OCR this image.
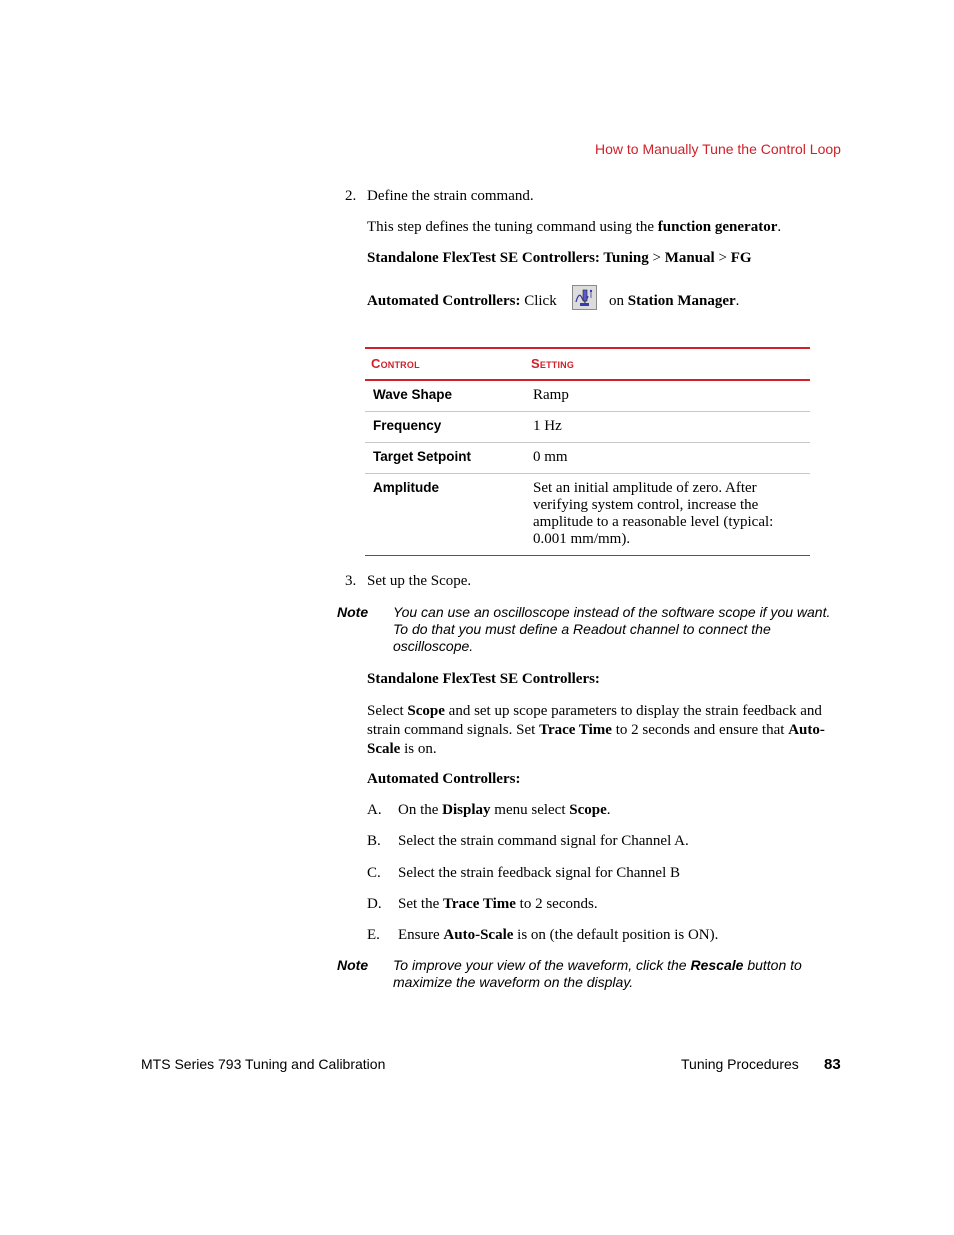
How to Manually Tune the Control Loop
2. Define the strain command.
This step defines the tuning command using the function generator.
Standalone FlexTest SE Controllers: Tuning > Manual > FG
Automated Controllers: Click	on Station Manager.
Control	Setting
Wave Shape	Ramp
Frequency	1 Hz
Target Setpoint	0 mm
Amplitude	Set an initial amplitude of zero. After verifying system control, increase the amplitude to a reasonable level (typical: 0.001 mm/mm).
3. Set up the Scope.
Note You can use an oscilloscope instead of the software scope if you want. To do that you must define a Readout channel to connect the oscilloscope.
Standalone FlexTest SE Controllers:
Select Scope and set up scope parameters to display the strain feedback and strain command signals. Set Trace Time to 2 seconds and ensure that Auto-Scale is on.
Automated Controllers:
A. On the Display menu select Scope.
B. Select the strain command signal for Channel A.
C. Select the strain feedback signal for Channel B
D. Set the Trace Time to 2 seconds.
E. Ensure Auto-Scale is on (the default position is ON).
Note To improve your view of the waveform, click the Rescale button to maximize the waveform on the display.
MTS Series 793 Tuning and Calibration	Tuning Procedures 83
